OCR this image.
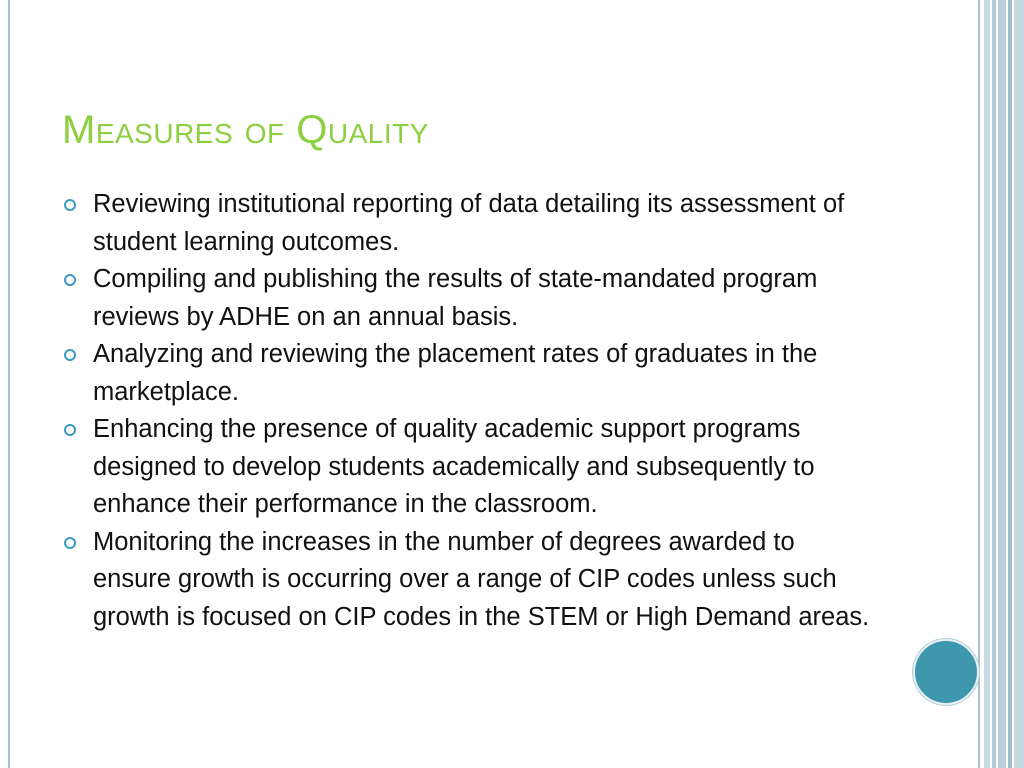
Measures of Quality
Reviewing institutional reporting of data detailing its assessment of student learning outcomes.
Compiling and publishing the results of state-mandated program reviews by ADHE on an annual basis.
Analyzing and reviewing the placement rates of graduates in the marketplace.
Enhancing the presence of quality academic support programs designed to develop students academically and subsequently to enhance their performance in the classroom.
Monitoring the increases in the number of degrees awarded to ensure growth is occurring over a range of CIP codes unless such growth is focused on CIP codes in the STEM or High Demand areas.
